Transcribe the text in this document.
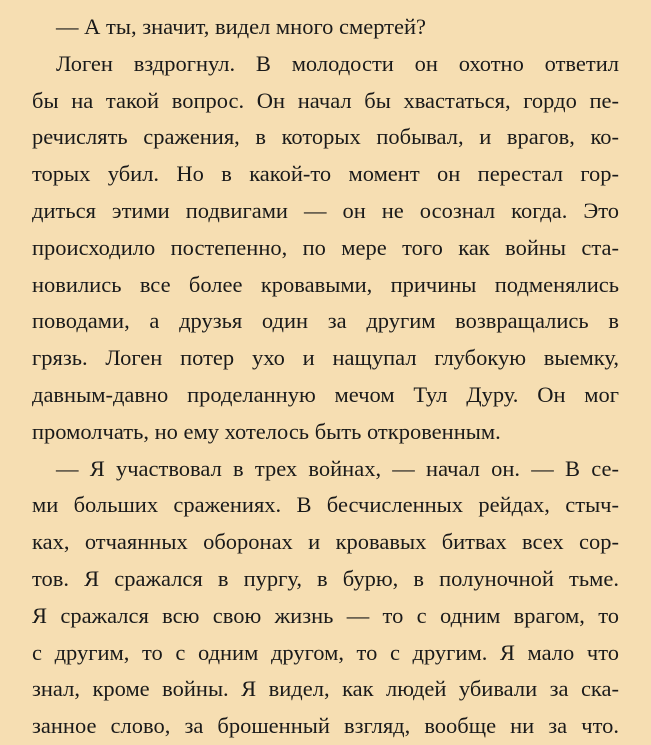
— А ты, значит, видел много смертей?
Логен вздрогнул. В молодости он охотно ответил
бы на такой вопрос. Он начал бы хвастаться, гордо пе-
речислять сражения, в которых побывал, и врагов, ко-
торых убил. Но в какой-то момент он перестал гор-
диться этими подвигами — он не осознал когда. Это
происходило постепенно, по мере того как войны ста-
новились все более кровавыми, причины подменялись
поводами, а друзья один за другим возвращались в
грязь. Логен потер ухо и нащупал глубокую выемку,
давным-давно проделанную мечом Тул Дуру. Он мог
промолчать, но ему хотелось быть откровенным.
— Я участвовал в трех войнах, — начал он. — В се-
ми больших сражениях. В бесчисленных рейдах, стыч-
ках, отчаянных оборонах и кровавых битвах всех сор-
тов. Я сражался в пургу, в бурю, в полуночной тьме.
Я сражался всю свою жизнь — то с одним врагом, то
с другим, то с одним другом, то с другим. Я мало что
знал, кроме войны. Я видел, как людей убивали за ска-
занное слово, за брошенный взгляд, вообще ни за что.
